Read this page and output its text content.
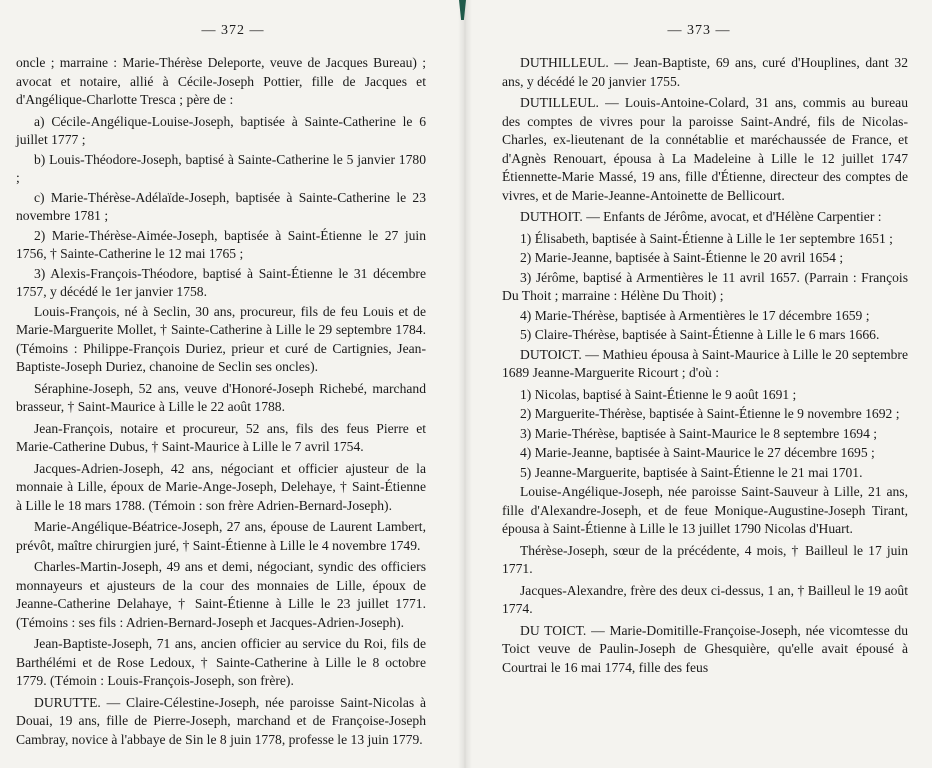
— 372 —

oncle ; marraine : Marie-Thérèse Deleporte, veuve de Jacques Bureau) ; avocat et notaire, allié à Cécile-Joseph Pottier, fille de Jacques et d'Angélique-Charlotte Tresca ; père de :

a) Cécile-Angélique-Louise-Joseph, baptisée à Sainte-Catherine le 6 juillet 1777 ;

b) Louis-Théodore-Joseph, baptisé à Sainte-Catherine le 5 janvier 1780 ;

c) Marie-Thérèse-Adélaïde-Joseph, baptisée à Sainte-Catherine le 23 novembre 1781 ;

2) Marie-Thérèse-Aimée-Joseph, baptisée à Saint-Étienne le 27 juin 1756, † Sainte-Catherine le 12 mai 1765 ;

3) Alexis-François-Théodore, baptisé à Saint-Étienne le 31 décembre 1757, y décédé le 1er janvier 1758.

Louis-François, né à Seclin, 30 ans, procureur, fils de feu Louis et de Marie-Marguerite Mollet, † Sainte-Catherine à Lille le 29 septembre 1784. (Témoins : Philippe-François Duriez, prieur et curé de Cartignies, Jean-Baptiste-Joseph Duriez, chanoine de Seclin ses oncles).

Séraphine-Joseph, 52 ans, veuve d'Honoré-Joseph Richebé, marchand brasseur, † Saint-Maurice à Lille le 22 août 1788.

Jean-François, notaire et procureur, 52 ans, fils des feus Pierre et Marie-Catherine Dubus, † Saint-Maurice à Lille le 7 avril 1754.

Jacques-Adrien-Joseph, 42 ans, négociant et officier ajusteur de la monnaie à Lille, époux de Marie-Ange-Joseph, Delehaye, † Saint-Étienne à Lille le 18 mars 1788. (Témoin : son frère Adrien-Bernard-Joseph).

Marie-Angélique-Béatrice-Joseph, 27 ans, épouse de Laurent Lambert, prévôt, maître chirurgien juré, † Saint-Étienne à Lille le 4 novembre 1749.

Charles-Martin-Joseph, 49 ans et demi, négociant, syndic des officiers monnayeurs et ajusteurs de la cour des monnaies de Lille, époux de Jeanne-Catherine Delahaye, † Saint-Étienne à Lille le 23 juillet 1771. (Témoins : ses fils : Adrien-Bernard-Joseph et Jacques-Adrien-Joseph).

Jean-Baptiste-Joseph, 71 ans, ancien officier au service du Roi, fils de Barthélémi et de Rose Ledoux, † Sainte-Catherine à Lille le 8 octobre 1779. (Témoin : Louis-François-Joseph, son frère).

DURUTTE. — Claire-Célestine-Joseph, née paroisse Saint-Nicolas à Douai, 19 ans, fille de Pierre-Joseph, marchand et de Françoise-Joseph Cambray, novice à l'abbaye de Sin le 8 juin 1778, professe le 13 juin 1779.

— 373 —

DUTHILLEUL. — Jean-Baptiste, 69 ans, curé d'Houplines, dant 32 ans, y décédé le 20 janvier 1755.

DUTILLEUL. — Louis-Antoine-Colard, 31 ans, commis au bureau des comptes de vivres pour la paroisse Saint-André, fils de Nicolas-Charles, ex-lieutenant de la connétablie et maréchaussée de France, et d'Agnès Renouart, épousa à La Madeleine à Lille le 12 juillet 1747 Étiennette-Marie Massé, 19 ans, fille d'Étienne, directeur des comptes de vivres, et de Marie-Jeanne-Antoinette de Bellicourt.

DUTHOIT. — Enfants de Jérôme, avocat, et d'Hélène Carpentier :

1) Élisabeth, baptisée à Saint-Étienne à Lille le 1er septembre 1651 ;

2) Marie-Jeanne, baptisée à Saint-Étienne le 20 avril 1654 ;

3) Jérôme, baptisé à Armentières le 11 avril 1657. (Parrain : François Du Thoit ; marraine : Hélène Du Thoit) ;

4) Marie-Thérèse, baptisée à Armentières le 17 décembre 1659 ;

5) Claire-Thérèse, baptisée à Saint-Étienne à Lille le 6 mars 1666.

DUTOICT. — Mathieu épousa à Saint-Maurice à Lille le 20 septembre 1689 Jeanne-Marguerite Ricourt ; d'où :

1) Nicolas, baptisé à Saint-Étienne le 9 août 1691 ;

2) Marguerite-Thérèse, baptisée à Saint-Étienne le 9 novembre 1692 ;

3) Marie-Thérèse, baptisée à Saint-Maurice le 8 septembre 1694 ;

4) Marie-Jeanne, baptisée à Saint-Maurice le 27 décembre 1695 ;

5) Jeanne-Marguerite, baptisée à Saint-Étienne le 21 mai 1701.

Louise-Angélique-Joseph, née paroisse Saint-Sauveur à Lille, 21 ans, fille d'Alexandre-Joseph, et de feue Monique-Augustine-Joseph Tirant, épousa à Saint-Étienne à Lille le 13 juillet 1790 Nicolas d'Huart.

Thérèse-Joseph, sœur de la précédente, 4 mois, † Bailleul le 17 juin 1771.

Jacques-Alexandre, frère des deux ci-dessus, 1 an, † Bailleul le 19 août 1774.

DU TOICT. — Marie-Domitille-Françoise-Joseph, née vicomtesse du Toict veuve de Paulin-Joseph de Ghesquière, qu'elle avait épousé à Courtrai le 16 mai 1774, fille des feus
